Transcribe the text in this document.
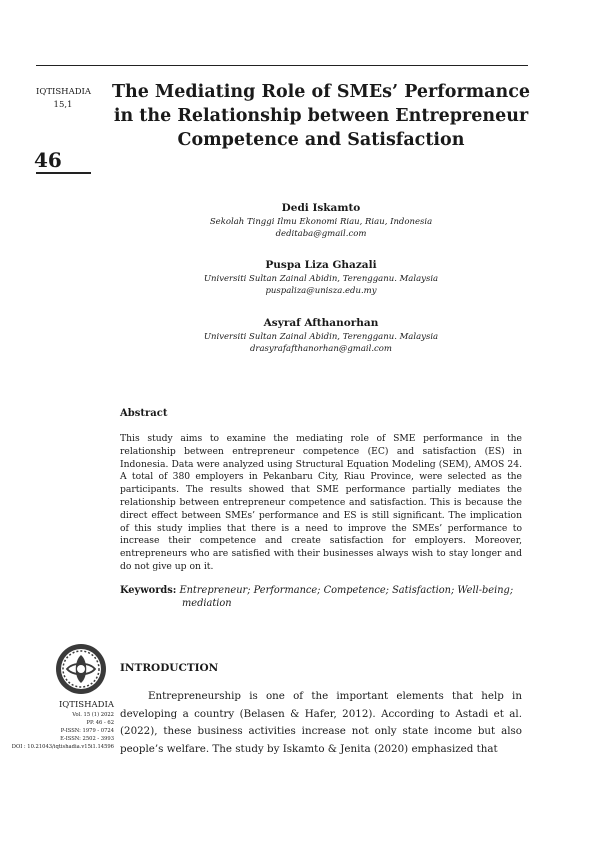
IQTISHADIA
15,1
46
The Mediating Role of SMEs’ Performance in the Relationship between Entrepreneur Competence and Satisfaction
Dedi Iskamto
Sekolah Tinggi Ilmu Ekonomi Riau, Riau, Indonesia
deditaba@gmail.com
Puspa Liza Ghazali
Universiti Sultan Zainal Abidin, Terengganu. Malaysia
puspaliza@unisza.edu.my
Asyraf Afthanorhan
Universiti Sultan Zainal Abidin, Terengganu. Malaysia
drasyrafafthanorhan@gmail.com
Abstract
This study aims to examine the mediating role of SME performance in the relationship between entrepreneur competence (EC) and satisfaction (ES) in Indonesia. Data were analyzed using Structural Equation Modeling (SEM), AMOS 24. A total of 380 employers in Pekanbaru City, Riau Province, were selected as the participants. The results showed that SME performance partially mediates the relationship between entrepreneur competence and satisfaction. This is because the direct effect between SMEs’ performance and ES is still significant. The implication of this study implies that there is a need to improve the SMEs’ performance to increase their competence and create satisfaction for employers. Moreover, entrepreneurs who are satisfied with their businesses always wish to stay longer and do not give up on it.
Keywords: Entrepreneur; Performance; Competence; Satisfaction; Well-being;
mediation
IQTISHADIA
Vol. 15 (1) 2022
PP. 46 - 62
P-ISSN: 1979 - 0724
E-ISSN: 2502 - 3993
DOI : 10.21043/iqtishadia.v15i1.14596
INTRODUCTION
Entrepreneurship is one of the important elements that help in developing a country (Belasen & Hafer, 2012). According to Astadi et al. (2022), these business activities increase not only state income but also people’s welfare. The study by Iskamto & Jenita (2020) emphasized that
